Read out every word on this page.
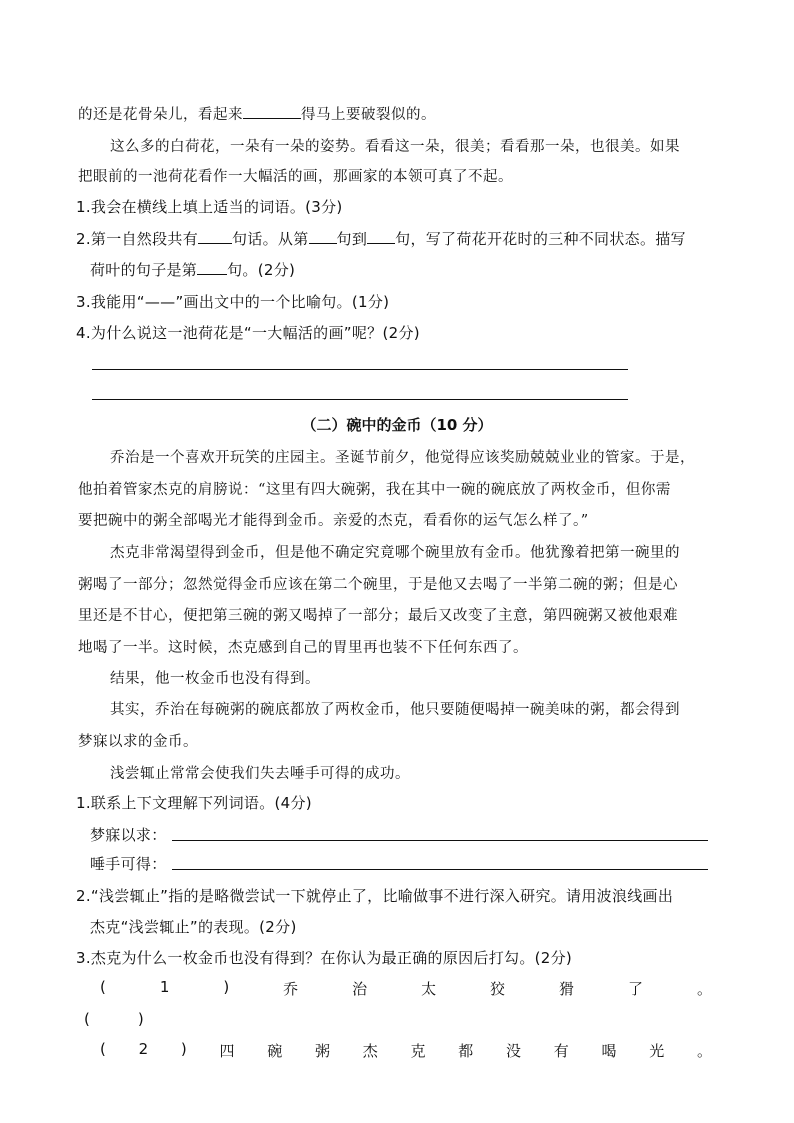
的还是花骨朵儿，看起来	得马上要破裂似的。
这么多的白荷花，一朵有一朵的姿势。看看这一朵，很美；看看那一朵，也很美。如果
把眼前的一池荷花看作一大幅活的画，那画家的本领可真了不起。
1.我会在横线上填上适当的词语。(3分)
2.第一自然段共有 句话。从第 句到 句，写了荷花开花时的三种不同状态。描写
荷叶的句子是第 句。(2分)
3.我能用“——”画出文中的一个比喻句。(1分)
4.为什么说这一池荷花是“一大幅活的画”呢？(2分)
（二）碗中的金币（10 分）
乔治是一个喜欢开玩笑的庄园主。圣诞节前夕，他觉得应该奖励兢兢业业的管家。于是，
他拍着管家杰克的肩膀说：“这里有四大碗粥，我在其中一碗的碗底放了两枚金币，但你需
要把碗中的粥全部喝光才能得到金币。亲爱的杰克，看看你的运气怎么样了。”
杰克非常渴望得到金币，但是他不确定究竟哪个碗里放有金币。他犹豫着把第一碗里的
粥喝了一部分；忽然觉得金币应该在第二个碗里，于是他又去喝了一半第二碗的粥；但是心
里还是不甘心，便把第三碗的粥又喝掉了一部分；最后又改变了主意，第四碗粥又被他艰难
地喝了一半。这时候，杰克感到自己的胃里再也装不下任何东西了。
结果，他一枚金币也没有得到。
其实，乔治在每碗粥的碗底都放了两枚金币，他只要随便喝掉一碗美味的粥，都会得到
梦寐以求的金币。
浅尝辄止常常会使我们失去唾手可得的成功。
1.联系上下文理解下列词语。(4分)
梦寐以求：
唾手可得：
2.“浅尝辄止”指的是略微尝试一下就停止了，比喻做事不进行深入研究。请用波浪线画出
杰克“浅尝辄止”的表现。(2分)
3.杰克为什么一枚金币也没有得到？在你认为最正确的原因后打勾。(2分)
(	1	)	乔	治	太	狡	猾	了	。
(　　)
( 2 ) 四 碗 粥 杰 克 都 没 有 喝 光 。
